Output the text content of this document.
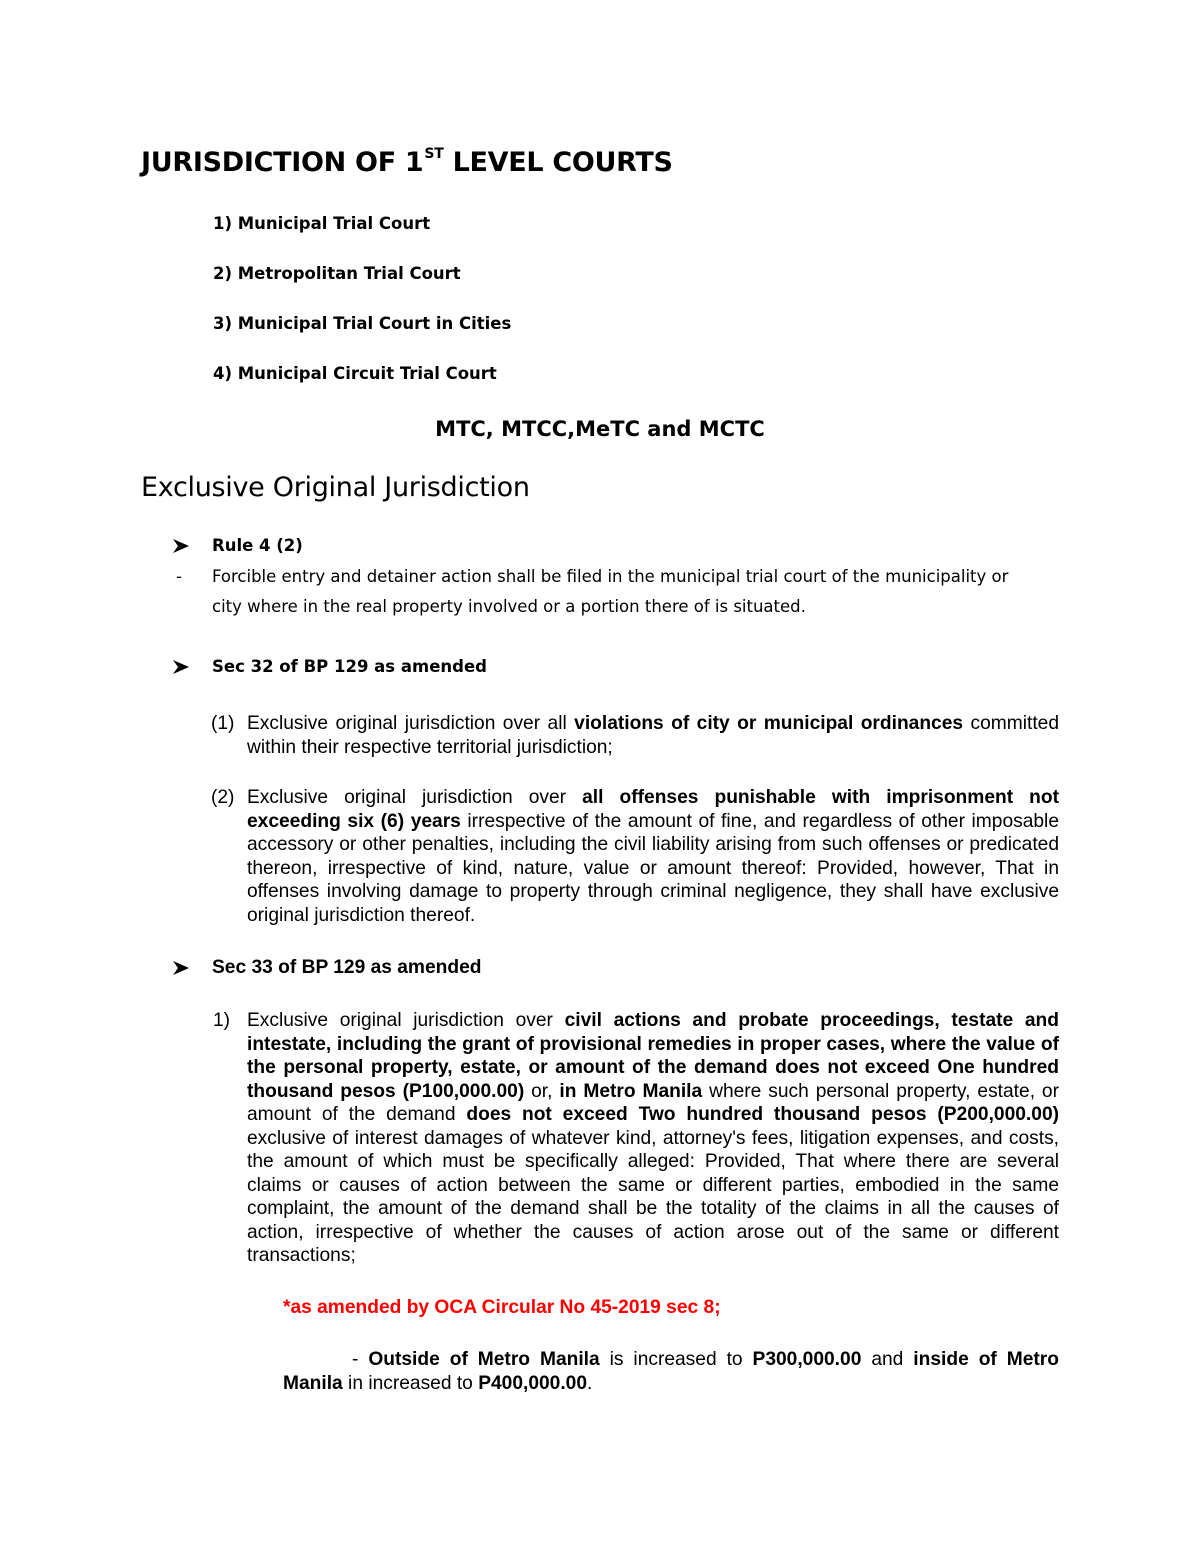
JURISDICTION OF 1ST LEVEL COURTS
1) Municipal Trial Court
2) Metropolitan Trial Court
3) Municipal Trial Court in Cities
4) Municipal Circuit Trial Court
MTC, MTCC,MeTC and MCTC
Exclusive Original Jurisdiction
Rule 4 (2)
- Forcible entry and detainer action shall be filed in the municipal trial court of the municipality or
city where in the real property involved or a portion there of is situated.
Sec 32 of BP 129 as amended
(1) Exclusive original jurisdiction over all violations of city or municipal ordinances committed within their respective territorial jurisdiction;
(2) Exclusive original jurisdiction over all offenses punishable with imprisonment not exceeding six (6) years irrespective of the amount of fine, and regardless of other imposable accessory or other penalties, including the civil liability arising from such offenses or predicated thereon, irrespective of kind, nature, value or amount thereof: Provided, however, That in offenses involving damage to property through criminal negligence, they shall have exclusive original jurisdiction thereof.
Sec 33 of BP 129 as amended
1) Exclusive original jurisdiction over civil actions and probate proceedings, testate and intestate, including the grant of provisional remedies in proper cases, where the value of the personal property, estate, or amount of the demand does not exceed One hundred thousand pesos (P100,000.00) or, in Metro Manila where such personal property, estate, or amount of the demand does not exceed Two hundred thousand pesos (P200,000.00) exclusive of interest damages of whatever kind, attorney's fees, litigation expenses, and costs, the amount of which must be specifically alleged: Provided, That where there are several claims or causes of action between the same or different parties, embodied in the same complaint, the amount of the demand shall be the totality of the claims in all the causes of action, irrespective of whether the causes of action arose out of the same or different transactions;
*as amended by OCA Circular No 45-2019 sec 8;
- Outside of Metro Manila is increased to P300,000.00 and inside of Metro Manila in increased to P400,000.00.
